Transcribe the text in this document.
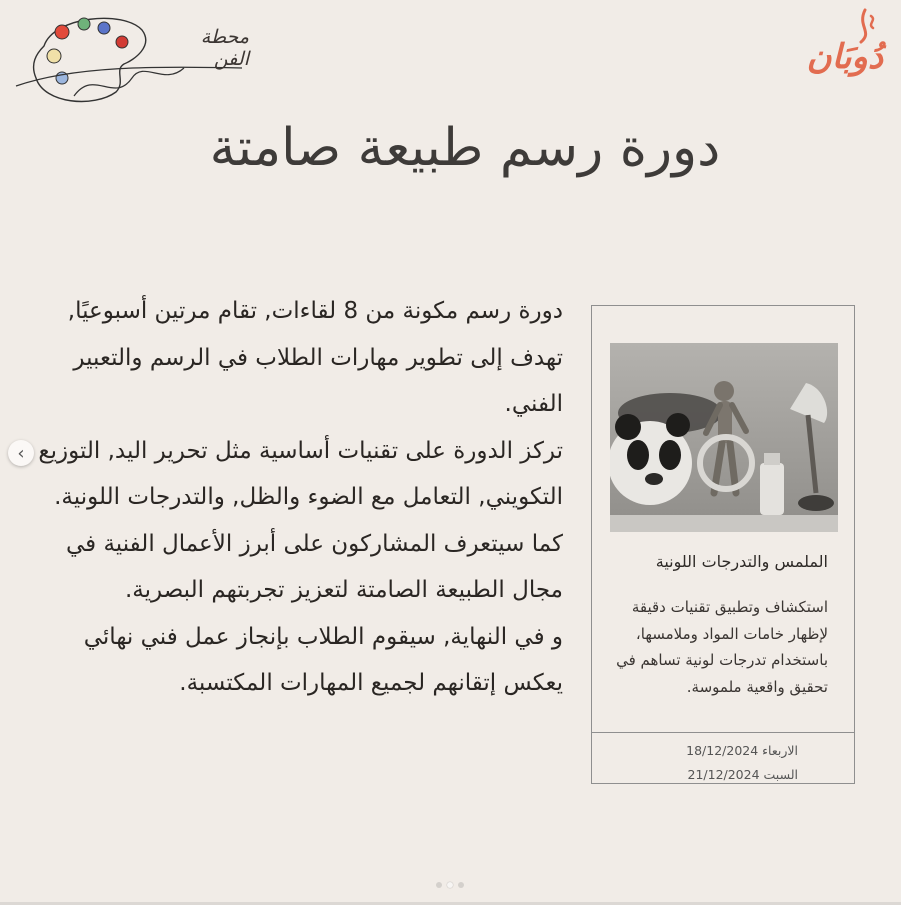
محطة الفن	دُوبَان
دورة رسم طبيعة صامتة
‹

دورة رسم مكونة من 8 لقاءات, تقام مرتين أسبوعيًا, تهدف إلى تطوير مهارات الطلاب في الرسم والتعبير الفني.

تركز الدورة على تقنيات أساسية مثل تحرير اليد, التوزيع التكويني, التعامل مع الضوء والظل, والتدرجات اللونية.

كما سيتعرف المشاركون على أبرز الأعمال الفنية في مجال الطبيعة الصامتة لتعزيز تجربتهم البصرية.

و في النهاية, سيقوم الطلاب بإنجاز عمل فني نهائي يعكس إتقانهم لجميع المهارات المكتسبة.

الملمس والتدرجات اللونية
استكشاف وتطبيق تقنيات دقيقة لإظهار خامات المواد وملامسها، باستخدام تدرجات لونية تساهم في تحقيق واقعية ملموسة.
الاربعاء 18/12/2024
السبت 21/12/2024
